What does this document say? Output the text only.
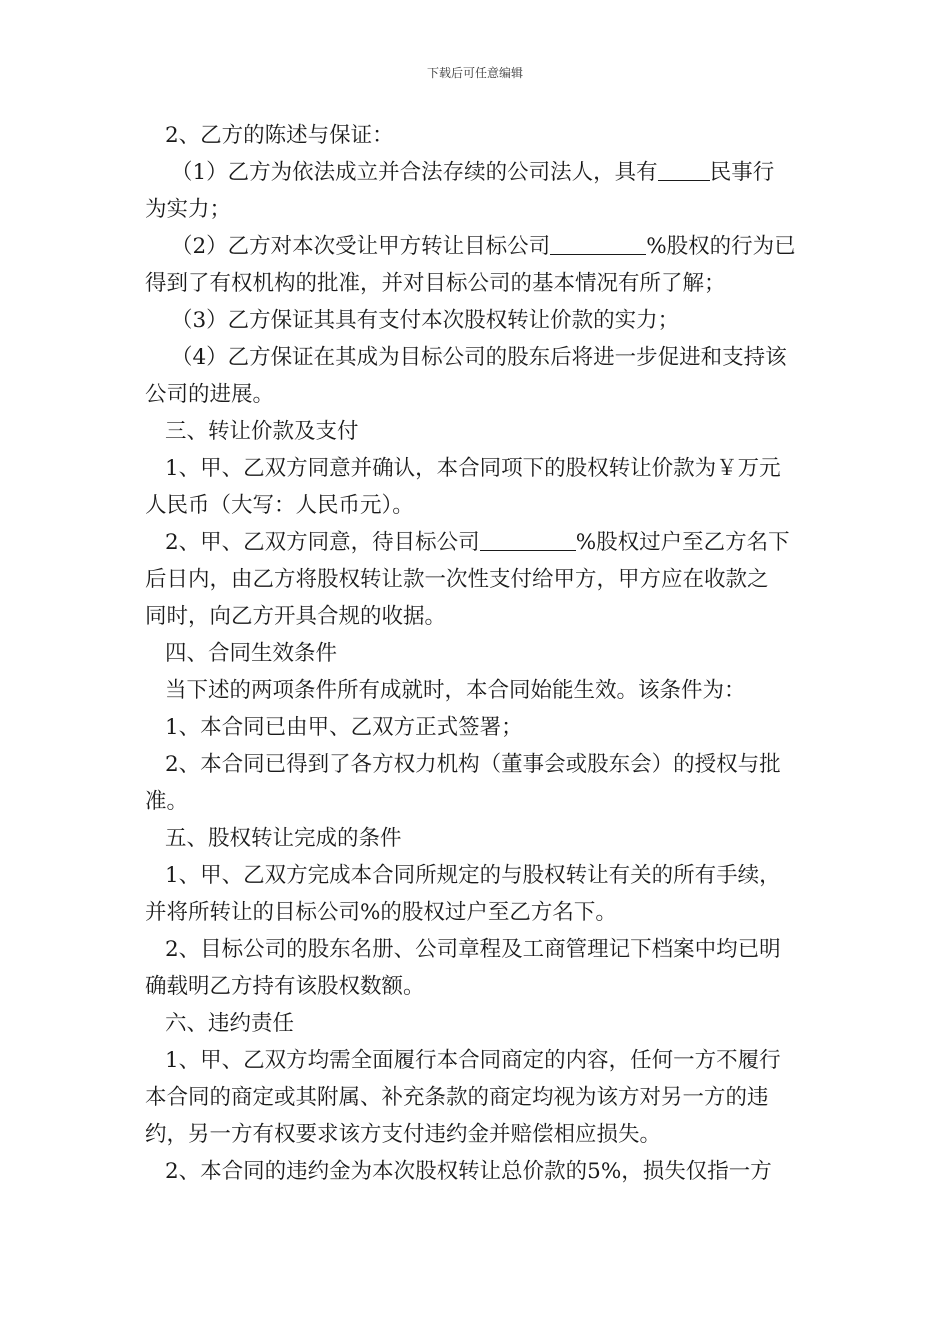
下载后可任意编辑
2、乙方的陈述与保证：
（1）乙方为依法成立并合法存续的公司法人，具有 民事行
为实力；
（2）乙方对本次受让甲方转让目标公司	%股权的行为已
得到了有权机构的批准，并对目标公司的基本情况有所了解；
（3）乙方保证其具有支付本次股权转让价款的实力；
（4）乙方保证在其成为目标公司的股东后将进一步促进和支持该
公司的进展。
三、转让价款及支付
1、甲、乙双方同意并确认，本合同项下的股权转让价款为￥万元
人民币（大写：人民币元）。
2、甲、乙双方同意，待目标公司	%股权过户至乙方名下
后日内，由乙方将股权转让款一次性支付给甲方，甲方应在收款之
同时，向乙方开具合规的收据。
四、合同生效条件
当下述的两项条件所有成就时，本合同始能生效。该条件为：
1、本合同已由甲、乙双方正式签署；
2、本合同已得到了各方权力机构（董事会或股东会）的授权与批
准。
五、股权转让完成的条件
1、甲、乙双方完成本合同所规定的与股权转让有关的所有手续，
并将所转让的目标公司%的股权过户至乙方名下。
2、目标公司的股东名册、公司章程及工商管理记下档案中均已明
确载明乙方持有该股权数额。
六、违约责任
1、甲、乙双方均需全面履行本合同商定的内容，任何一方不履行
本合同的商定或其附属、补充条款的商定均视为该方对另一方的违
约，另一方有权要求该方支付违约金并赔偿相应损失。
2、本合同的违约金为本次股权转让总价款的5%，损失仅指一方
